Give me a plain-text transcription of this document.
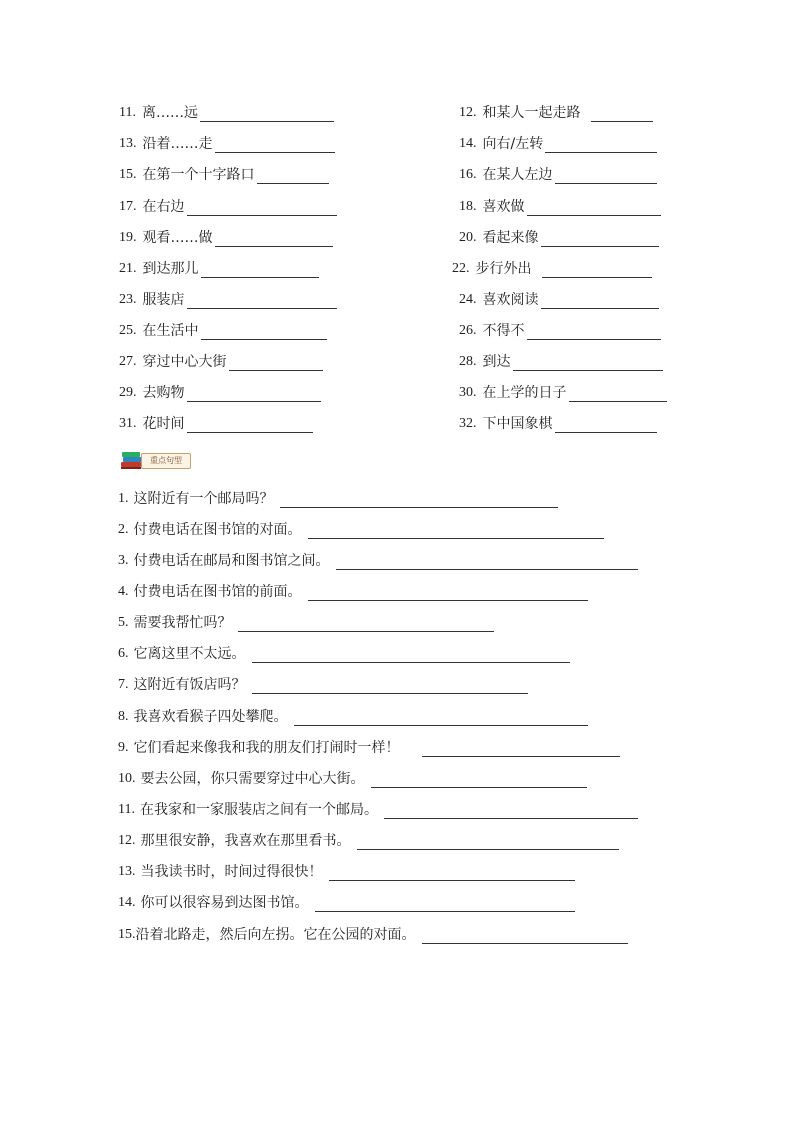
11. 离……远
13. 沿着……走
15. 在第一个十字路口
17. 在右边
19. 观看……做
21. 到达那儿
23. 服装店
25. 在生活中
27. 穿过中心大街
29. 去购物
31. 花时间
12. 和某人一起走路
14. 向右/左转
16. 在某人左边
18. 喜欢做
20. 看起来像
22. 步行外出
24. 喜欢阅读
26. 不得不
28. 到达
30. 在上学的日子
32. 下中国象棋
重点句型
1. 这附近有一个邮局吗？
2. 付费电话在图书馆的对面。
3. 付费电话在邮局和图书馆之间。
4. 付费电话在图书馆的前面。
5. 需要我帮忙吗？
6. 它离这里不太远。
7. 这附近有饭店吗？
8. 我喜欢看猴子四处攀爬。
9. 它们看起来像我和我的朋友们打闹时一样！
10. 要去公园，你只需要穿过中心大街。
11. 在我家和一家服装店之间有一个邮局。
12. 那里很安静，我喜欢在那里看书。
13. 当我读书时，时间过得很快！
14. 你可以很容易到达图书馆。
15. 沿着北路走，然后向左拐。它在公园的对面。
